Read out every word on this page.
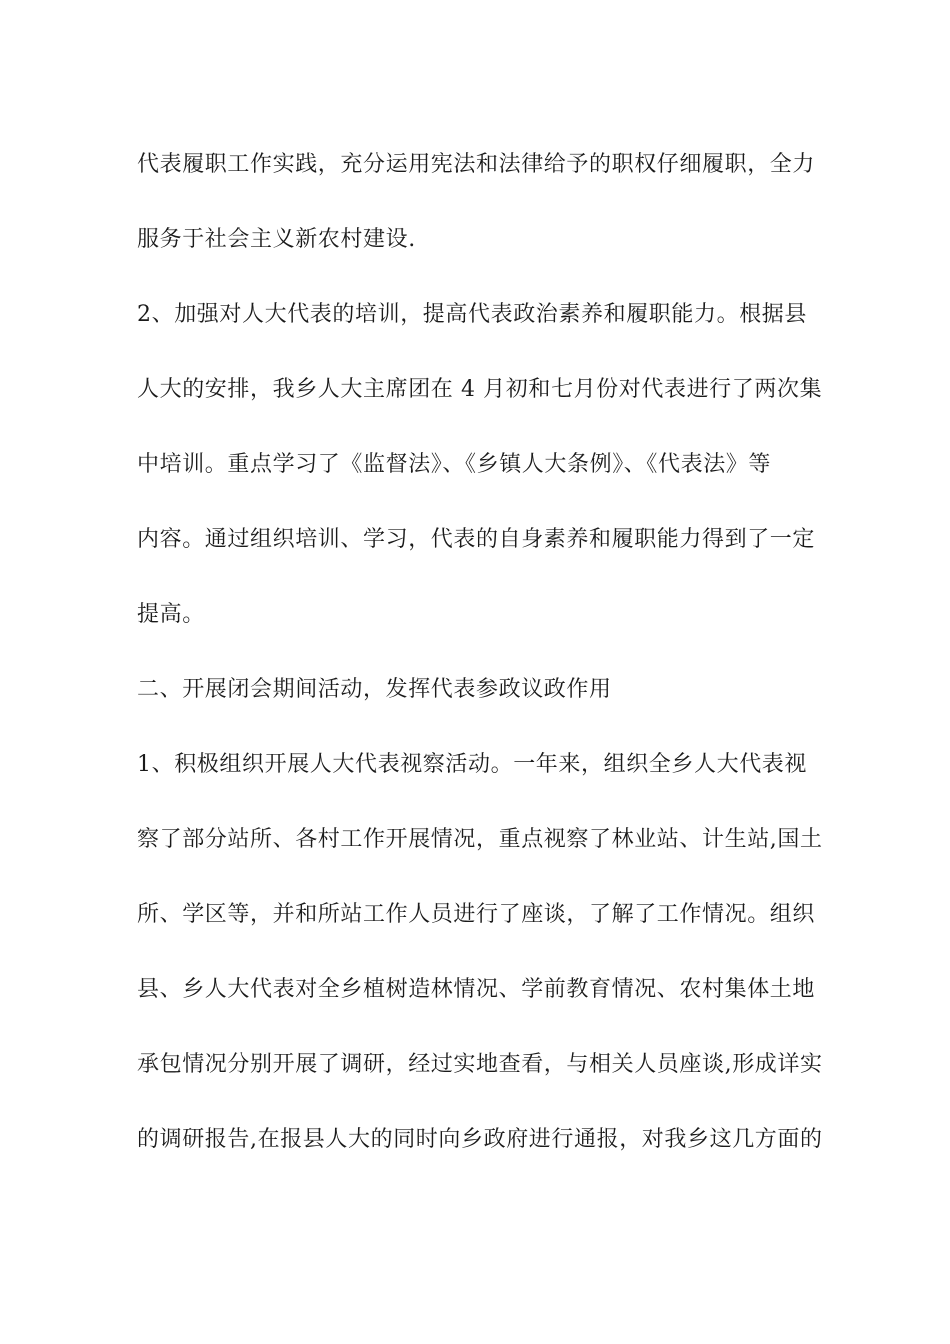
代表履职工作实践，充分运用宪法和法律给予的职权仔细履职，全力
服务于社会主义新农村建设.
2、加强对人大代表的培训，提高代表政治素养和履职能力。根据县
人大的安排，我乡人大主席团在 4 月初和七月份对代表进行了两次集
中培训。重点学习了《监督法》、《乡镇人大条例》、《代表法》等
内容。通过组织培训、学习，代表的自身素养和履职能力得到了一定
提高。
二、开展闭会期间活动，发挥代表参政议政作用
1、积极组织开展人大代表视察活动。一年来，组织全乡人大代表视
察了部分站所、各村工作开展情况，重点视察了林业站、计生站,国土
所、学区等，并和所站工作人员进行了座谈，了解了工作情况。组织
县、乡人大代表对全乡植树造林情况、学前教育情况、农村集体土地
承包情况分别开展了调研，经过实地查看，与相关人员座谈,形成详实
的调研报告,在报县人大的同时向乡政府进行通报，对我乡这几方面的
